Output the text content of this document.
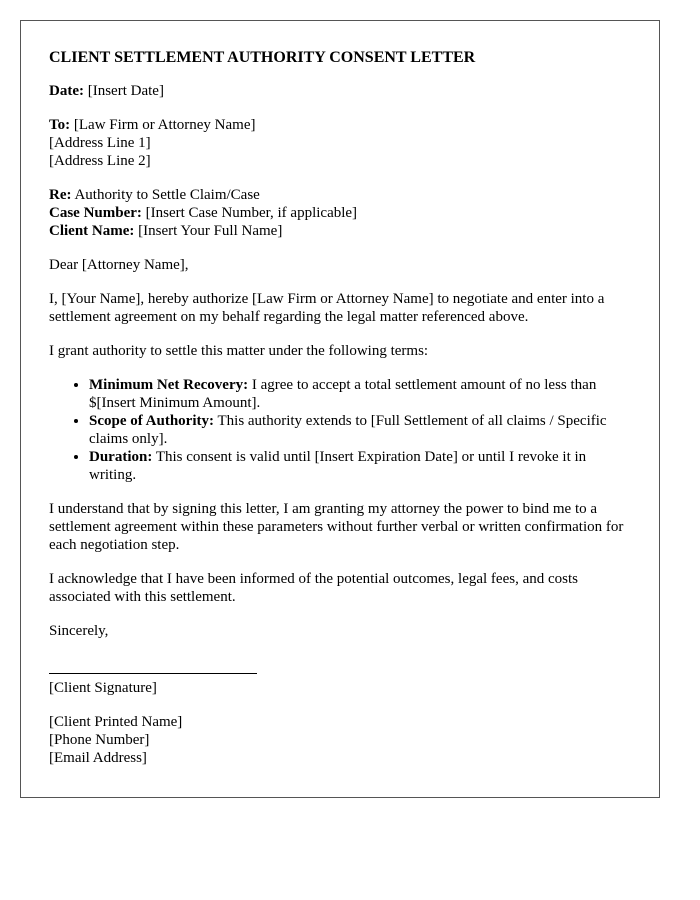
CLIENT SETTLEMENT AUTHORITY CONSENT LETTER
Date: [Insert Date]
To: [Law Firm or Attorney Name]
[Address Line 1]
[Address Line 2]
Re: Authority to Settle Claim/Case
Case Number: [Insert Case Number, if applicable]
Client Name: [Insert Your Full Name]

Dear [Attorney Name],

I, [Your Name], hereby authorize [Law Firm or Attorney Name] to negotiate and enter into a settlement agreement on my behalf regarding the legal matter referenced above.

I grant authority to settle this matter under the following terms:

• Minimum Net Recovery: I agree to accept a total settlement amount of no less than $[Insert Minimum Amount].
• Scope of Authority: This authority extends to [Full Settlement of all claims / Specific claims only].
• Duration: This consent is valid until [Insert Expiration Date] or until I revoke it in writing.

I understand that by signing this letter, I am granting my attorney the power to bind me to a settlement agreement within these parameters without further verbal or written confirmation for each negotiation step.

I acknowledge that I have been informed of the potential outcomes, legal fees, and costs associated with this settlement.

Sincerely,

[Client Signature]

[Client Printed Name]
[Phone Number]
[Email Address]
